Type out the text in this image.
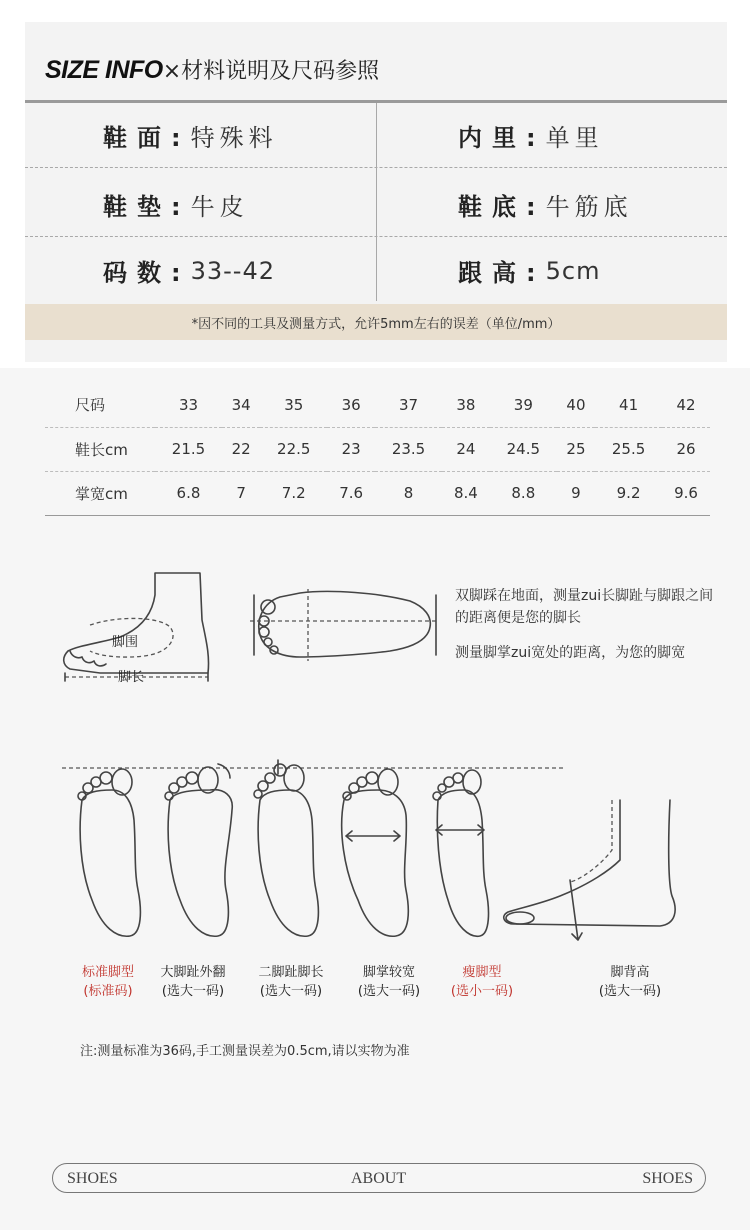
SIZE INFO×材料说明及尺码参照
鞋面: 特殊料	内里: 单里
鞋垫: 牛皮	鞋底: 牛筋底
码数: 33--42	跟高: 5cm
*因不同的工具及测量方式，允许5mm左右的误差（单位/mm）
尺码	33	34	35	36	37	38	39	40	41	42
鞋长cm	21.5	22	22.5	23	23.5	24	24.5	25	25.5	26
掌宽cm	6.8	7	7.2	7.6	8	8.4	8.8	9	9.2	9.6
脚围
脚长
双脚踩在地面，测量zui长脚趾与脚跟之间的距离便是您的脚长
测量脚掌zui宽处的距离，为您的脚宽
标准脚型
(标准码)
大脚趾外翻
(选大一码)
二脚趾脚长
(选大一码)
脚掌较宽
(选大一码)
瘦脚型
(选小一码)
脚背高
(选大一码)
注:测量标准为36码,手工测量误差为0.5cm,请以实物为准
SHOES	ABOUT	SHOES
